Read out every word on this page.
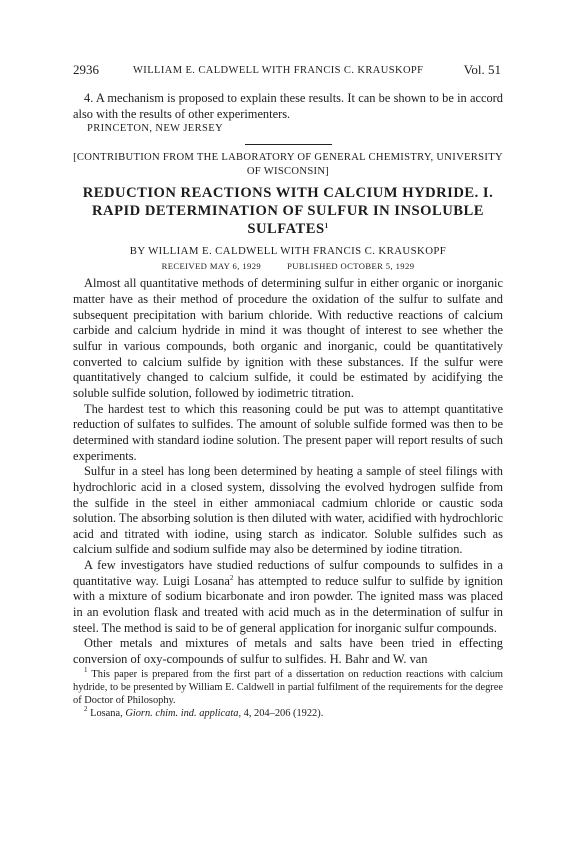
2936	WILLIAM E. CALDWELL WITH FRANCIS C. KRAUSKOPF	Vol. 51

4. A mechanism is proposed to explain these results. It can be shown to be in accord also with the results of other experimenters.

PRINCETON, NEW JERSEY

[CONTRIBUTION FROM THE LABORATORY OF GENERAL CHEMISTRY, UNIVERSITY OF WISCONSIN]

REDUCTION REACTIONS WITH CALCIUM HYDRIDE. I.
RAPID DETERMINATION OF SULFUR IN INSOLUBLE
SULFATES$^1$

BY WILLIAM E. CALDWELL WITH FRANCIS C. KRAUSKOPF

RECEIVED MAY 6, 1929	PUBLISHED OCTOBER 5, 1929

Almost all quantitative methods of determining sulfur in either organic or inorganic matter have as their method of procedure the oxidation of the sulfur to sulfate and subsequent precipitation with barium chloride. With reductive reactions of calcium carbide and calcium hydride in mind it was thought of interest to see whether the sulfur in various compounds, both organic and inorganic, could be quantitatively converted to calcium sulfide by ignition with these substances. If the sulfur were quantitatively changed to calcium sulfide, it could be estimated by acidifying the soluble sulfide solution, followed by iodimetric titration.

The hardest test to which this reasoning could be put was to attempt quantitative reduction of sulfates to sulfides. The amount of soluble sulfide formed was then to be determined with standard iodine solution. The present paper will report results of such experiments.

Sulfur in a steel has long been determined by heating a sample of steel filings with hydrochloric acid in a closed system, dissolving the evolved hydrogen sulfide from the sulfide in the steel in either ammoniacal cadmium chloride or caustic soda solution. The absorbing solution is then diluted with water, acidified with hydrochloric acid and titrated with iodine, using starch as indicator. Soluble sulfides such as calcium sulfide and sodium sulfide may also be determined by iodine titration.

A few investigators have studied reductions of sulfur compounds to sulfides in a quantitative way. Luigi Losana$^2$ has attempted to reduce sulfur to sulfide by ignition with a mixture of sodium bicarbonate and iron powder. The ignited mass was placed in an evolution flask and treated with acid much as in the determination of sulfur in steel. The method is said to be of general application for inorganic sulfur compounds.

Other metals and mixtures of metals and salts have been tried in effecting conversion of oxy-compounds of sulfur to sulfides. H. Bahr and W. van

$^1$ This paper is prepared from the first part of a dissertation on reduction reactions with calcium hydride, to be presented by William E. Caldwell in partial fulfilment of the requirements for the degree of Doctor of Philosophy.

$^2$ Losana, Giorn. chim. ind. applicata, 4, 204–206 (1922).
